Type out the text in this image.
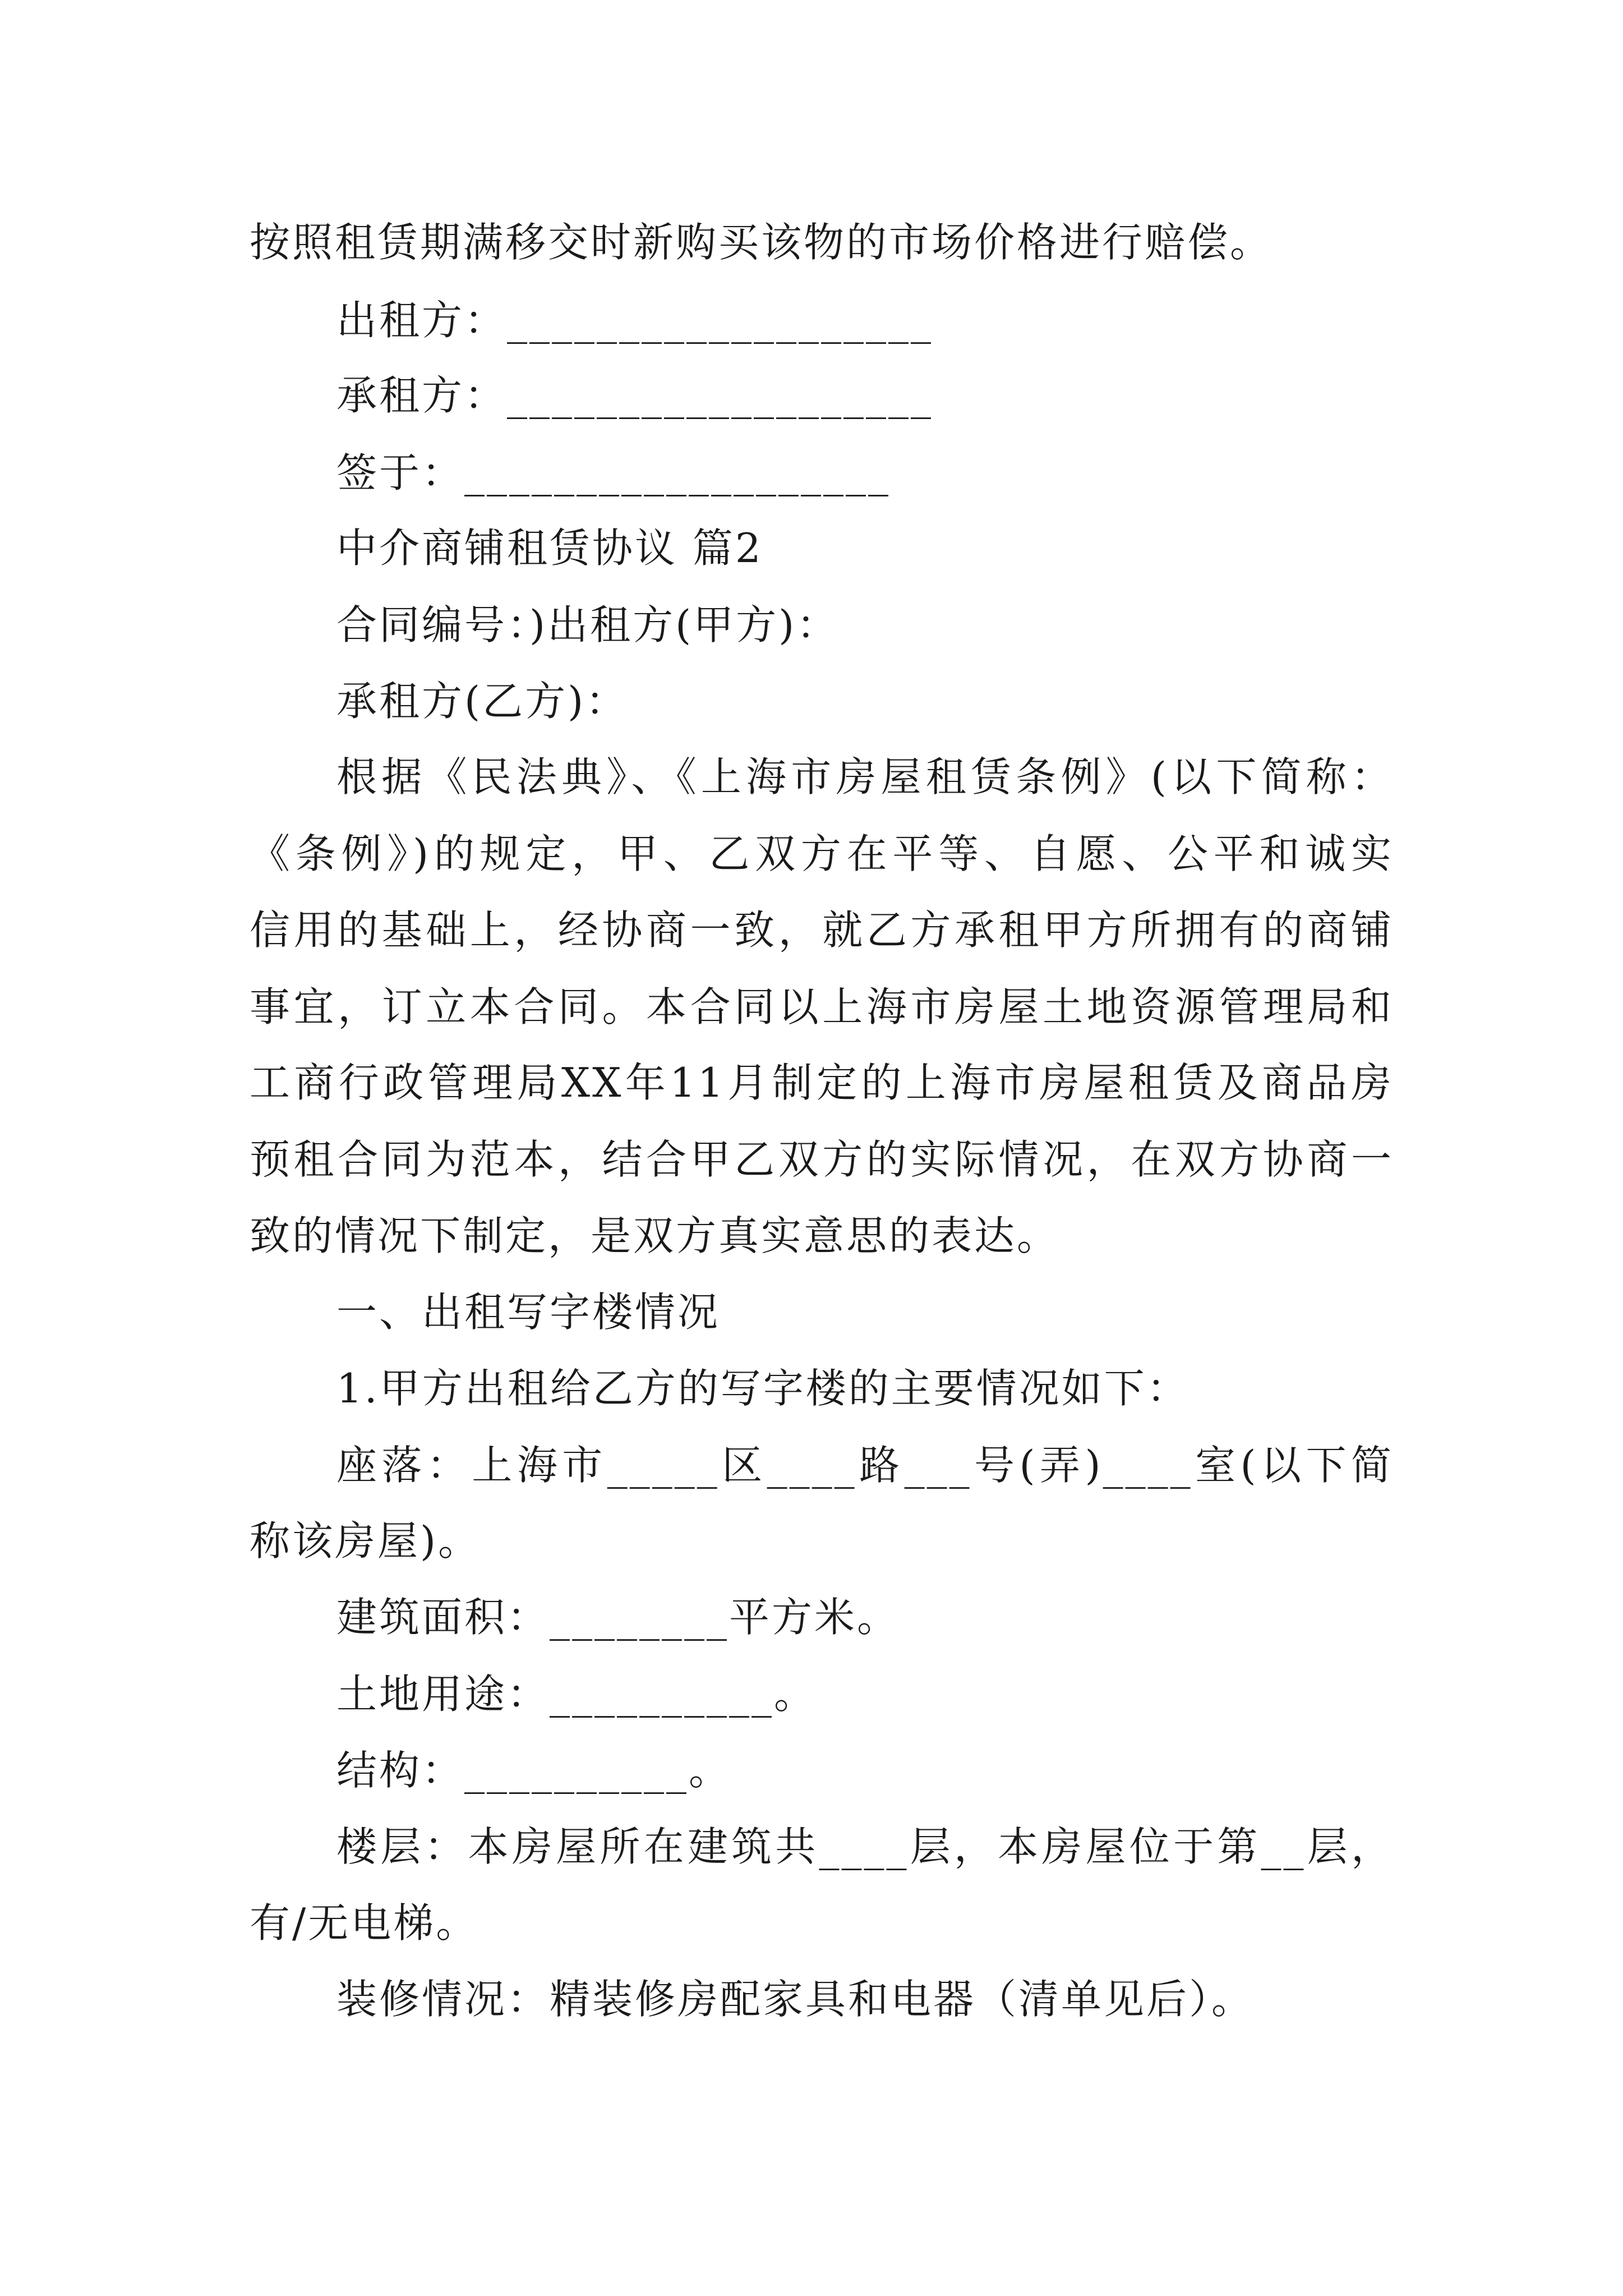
按照租赁期满移交时新购买该物的市场价格进行赔偿。
出租方：___________________
承租方：___________________
签于：___________________
中介商铺租赁协议 篇2
合同编号：)出租方(甲方)：
承租方(乙方)：
根据《民法典》、《上海市房屋租赁条例》(以下简称：
《条例》)的规定，甲、乙双方在平等、自愿、公平和诚实
信用的基础上，经协商一致，就乙方承租甲方所拥有的商铺
事宜，订立本合同。本合同以上海市房屋土地资源管理局和
工商行政管理局XX年11月制定的上海市房屋租赁及商品房
预租合同为范本，结合甲乙双方的实际情况，在双方协商一
致的情况下制定，是双方真实意思的表达。
一、出租写字楼情况
1.甲方出租给乙方的写字楼的主要情况如下：
座落：上海市_____区____路___号(弄)____室(以下简
称该房屋)。
建筑面积：________平方米。
土地用途：__________。
结构：__________。
楼层：本房屋所在建筑共____层，本房屋位于第__层，
有/无电梯。
装修情况：精装修房配家具和电器（清单见后）。
